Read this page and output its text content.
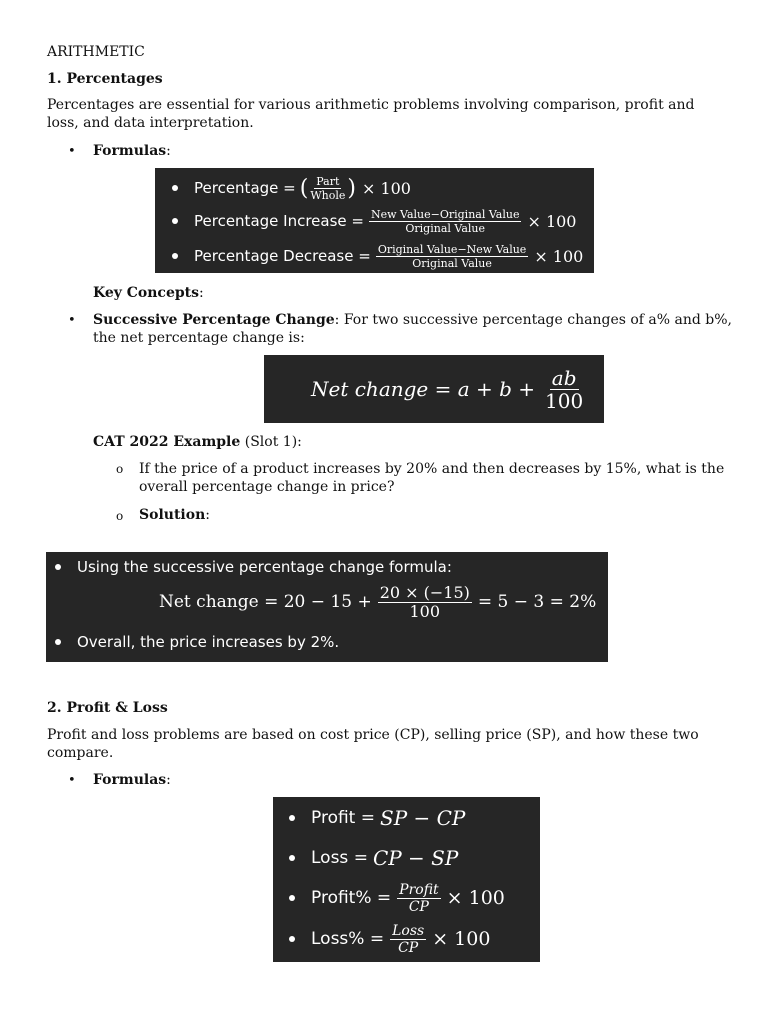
ARITHMETIC
1. Percentages
Percentages are essential for various arithmetic problems involving comparison, profit and loss, and data interpretation.
• Formulas:
Percentage = ( $\frac{\text{Part}}{\text{Whole}}$ ) × 100
Percentage Increase = $\frac{\text{New Value−Original Value}}{\text{Original Value}} \times 100$
Percentage Decrease = $\frac{\text{Original Value−New Value}}{\text{Original Value}} \times 100$
Key Concepts:
• Successive Percentage Change: For two successive percentage changes of a% and b%, the net percentage change is:
Net change = $a + b + \frac{ab}{100}$
CAT 2022 Example (Slot 1):
o If the price of a product increases by 20% and then decreases by 15%, what is the overall percentage change in price?
o Solution:
Using the successive percentage change formula:
Net change = $20 - 15 + \frac{20 \times (-15)}{100} = 5 - 3 = 2\%$
Overall, the price increases by 2%.
2. Profit & Loss
Profit and loss problems are based on cost price (CP), selling price (SP), and how these two compare.
• Formulas:
Profit = SP − CP
Loss = CP − SP
Profit% = $\frac{\text{Profit}}{CP} \times 100$
Loss% = $\frac{\text{Loss}}{CP} \times 100$
